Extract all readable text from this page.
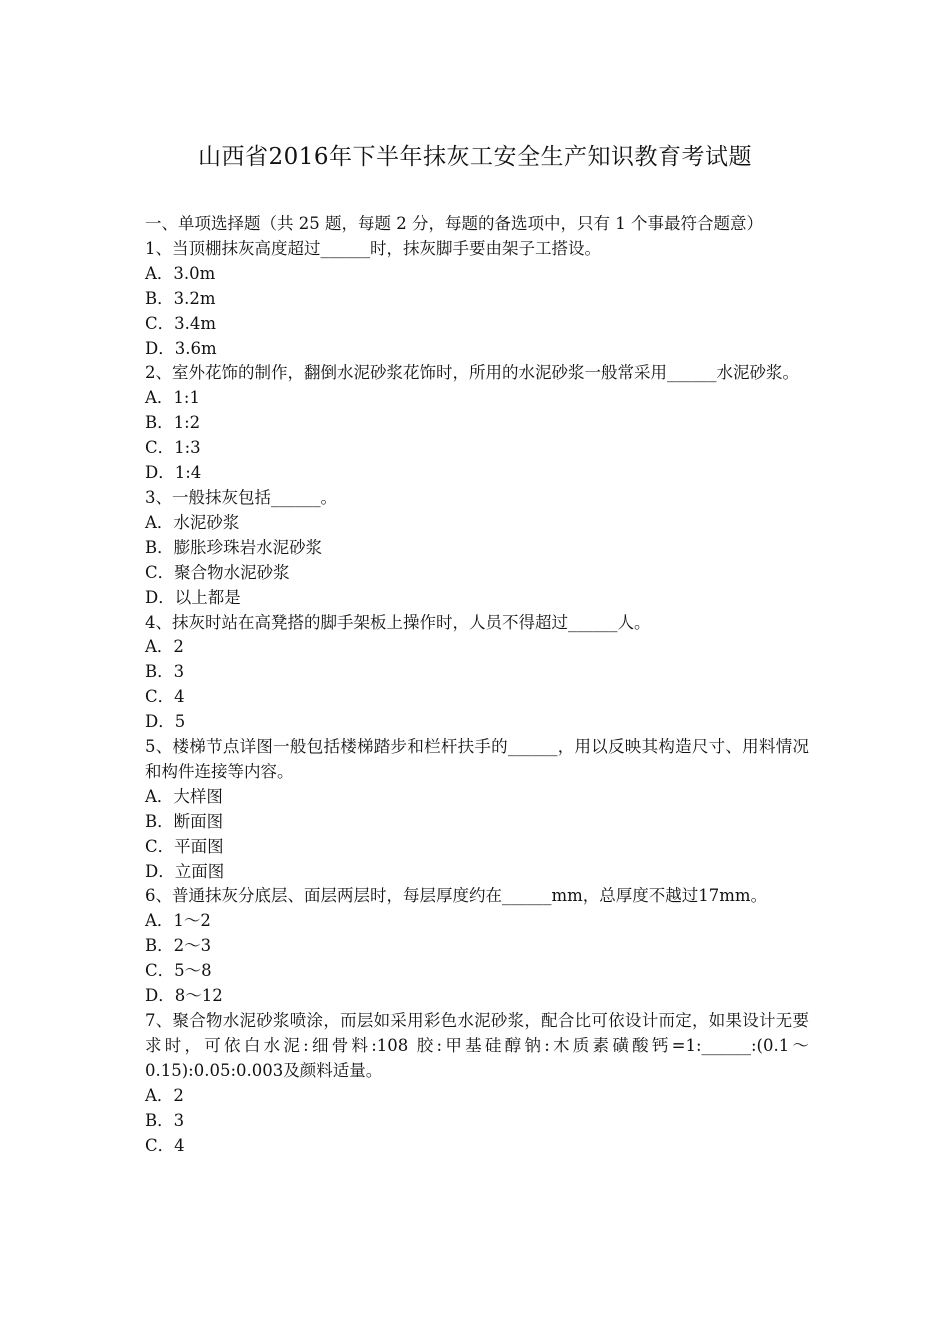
山西省2016年下半年抹灰工安全生产知识教育考试题
一、单项选择题（共 25 题，每题 2 分，每题的备选项中，只有 1 个事最符合题意）
1、当顶棚抹灰高度超过______时，抹灰脚手要由架子工搭设。
A．3.0m
B．3.2m
C．3.4m
D．3.6m
2、室外花饰的制作，翻倒水泥砂浆花饰时，所用的水泥砂浆一般常采用______水泥砂浆。
A．1:1
B．1:2
C．1:3
D．1:4
3、一般抹灰包括______。
A．水泥砂浆
B．膨胀珍珠岩水泥砂浆
C．聚合物水泥砂浆
D．以上都是
4、抹灰时站在高凳搭的脚手架板上操作时，人员不得超过______人。
A．2
B．3
C．4
D．5
5、楼梯节点详图一般包括楼梯踏步和栏杆扶手的______，用以反映其构造尺寸、用料情况和构件连接等内容。
A．大样图
B．断面图
C．平面图
D．立面图
6、普通抹灰分底层、面层两层时，每层厚度约在______mm，总厚度不越过17mm。
A．1～2
B．2～3
C．5～8
D．8～12
7、聚合物水泥砂浆喷涂，而层如采用彩色水泥砂浆，配合比可依设计而定，如果设计无要求时，可依白水泥:细骨料:108 胶:甲基硅醇钠:木质素磺酸钙=1:______:(0.1～0.15):0.05:0.003及颜料适量。
A．2
B．3
C．4
